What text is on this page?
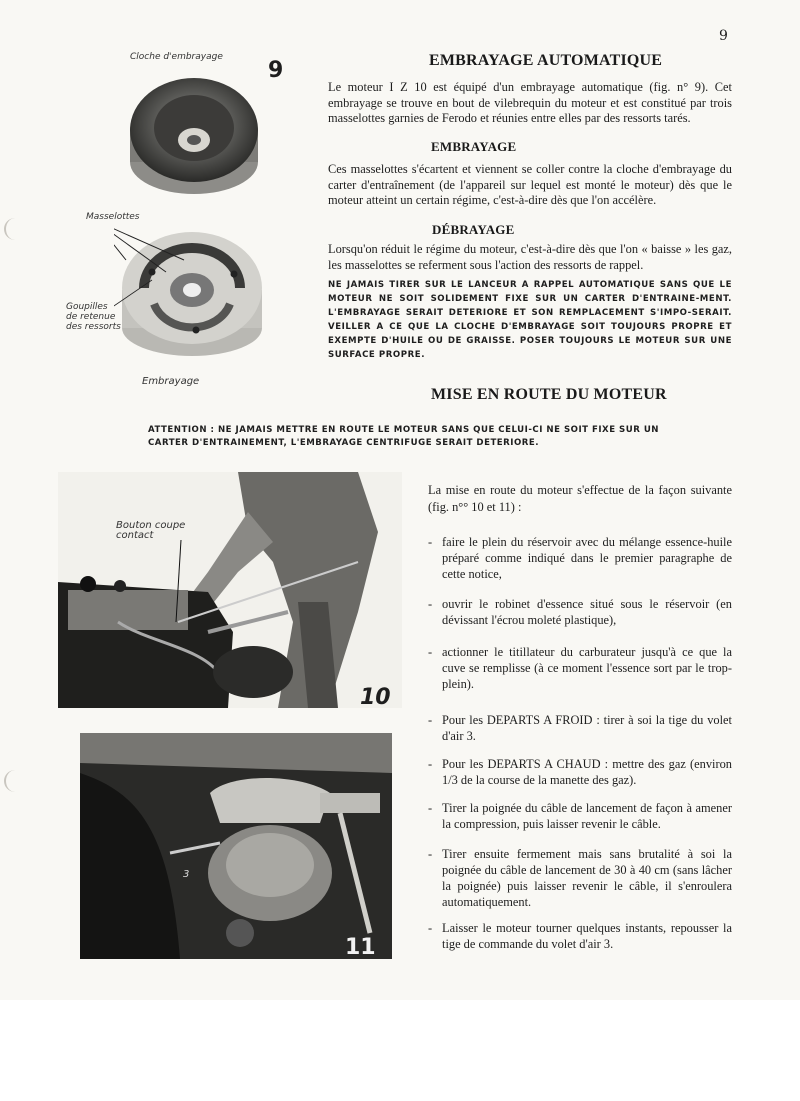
9
Cloche d'embrayage
9
Masselottes
Goupilles
de retenue
des ressorts
Embrayage
EMBRAYAGE AUTOMATIQUE

Le moteur I Z 10 est équipé d'un embrayage automatique (fig. n° 9). Cet embrayage se trouve en bout de vilebrequin du moteur et est constitué par trois masselottes garnies de Ferodo et réunies entre elles par des ressorts tarés.

EMBRAYAGE

Ces masselottes s'écartent et viennent se coller contre la cloche d'embrayage du carter d'entraînement (de l'appareil sur lequel est monté le moteur) dès que le moteur atteint un certain régime, c'est-à-dire dès que l'on accélère.

DÉBRAYAGE

Lorsqu'on réduit le régime du moteur, c'est-à-dire dès que l'on « baisse » les gaz, les masselottes se referment sous l'action des ressorts de rappel.

NE JAMAIS TIRER SUR LE LANCEUR A RAPPEL AUTOMATIQUE SANS QUE LE MOTEUR NE SOIT SOLIDEMENT FIXE SUR UN CARTER D'ENTRAINE-MENT. L'EMBRAYAGE SERAIT DETERIORE ET SON REMPLACEMENT S'IMPO-SERAIT. VEILLER A CE QUE LA CLOCHE D'EMBRAYAGE SOIT TOUJOURS PROPRE ET EXEMPTE D'HUILE OU DE GRAISSE. POSER TOUJOURS LE MOTEUR SUR UNE SURFACE PROPRE.

MISE EN ROUTE DU MOTEUR

ATTENTION : NE JAMAIS METTRE EN ROUTE LE MOTEUR SANS QUE CELUI-CI NE SOIT FIXE SUR UN CARTER D'ENTRAINEMENT, L'EMBRAYAGE CENTRIFUGE SERAIT DETERIORE.

Bouton coupe
contact
10
3
11

La mise en route du moteur s'effectue de la façon suivante (fig. n°° 10 et 11) :

- faire le plein du réservoir avec du mélange essence-huile préparé comme indiqué dans le premier paragraphe de cette notice,

- ouvrir le robinet d'essence situé sous le réservoir (en dévissant l'écrou moleté plastique),

- actionner le titillateur du carburateur jusqu'à ce que la cuve se remplisse (à ce moment l'essence sort par le trop-plein).

- Pour les DEPARTS A FROID : tirer à soi la tige du volet d'air 3.

- Pour les DEPARTS A CHAUD : mettre des gaz (environ 1/3 de la course de la manette des gaz).

- Tirer la poignée du câble de lancement de façon à amener la compression, puis laisser revenir le câble.

- Tirer ensuite fermement mais sans brutalité à soi la poignée du câble de lancement de 30 à 40 cm (sans lâcher la poignée) puis laisser revenir le câble, il s'enroulera automatiquement.

- Laisser le moteur tourner quelques instants, repousser la tige de commande du volet d'air 3.
